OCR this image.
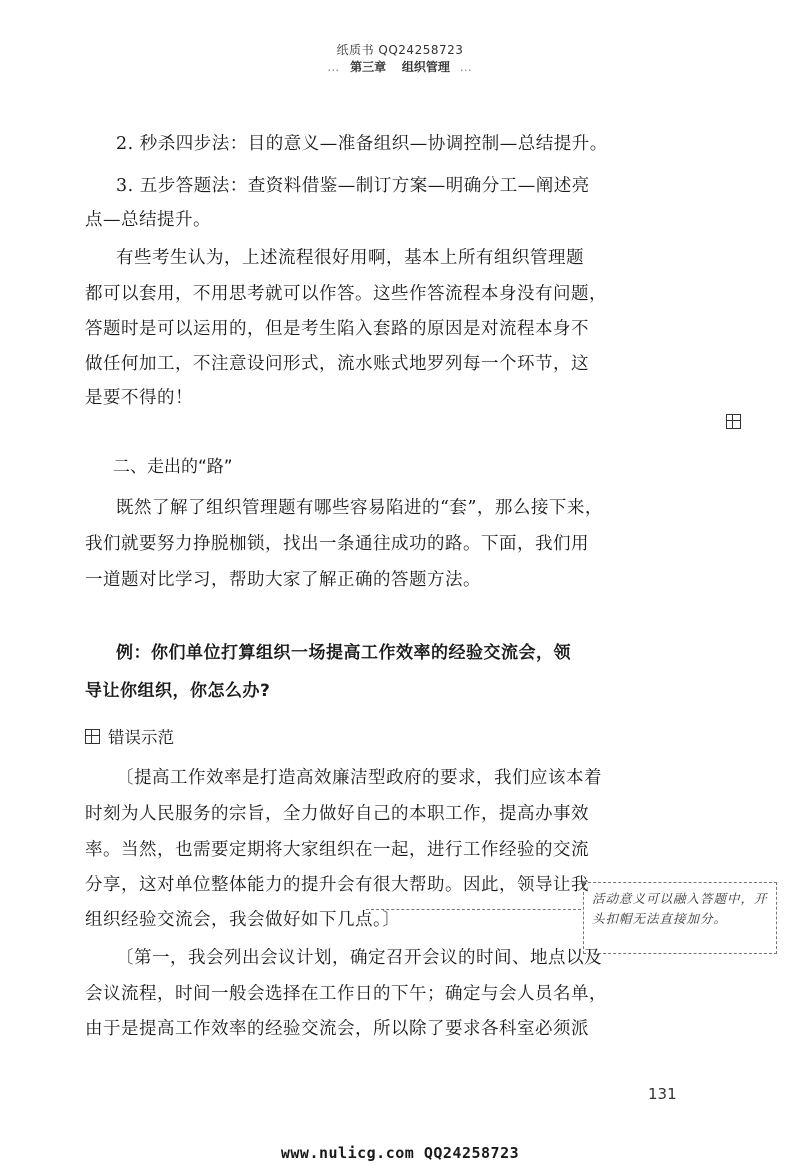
纸质书 QQ24258723
… 第三章 组织管理 …
2. 秒杀四步法：目的意义—准备组织—协调控制—总结提升。
3. 五步答题法：查资料借鉴—制订方案—明确分工—阐述亮
点—总结提升。
有些考生认为，上述流程很好用啊，基本上所有组织管理题
都可以套用，不用思考就可以作答。这些作答流程本身没有问题，
答题时是可以运用的，但是考生陷入套路的原因是对流程本身不
做任何加工，不注意设问形式，流水账式地罗列每一个环节，这
是要不得的！
二、走出的“路”
既然了解了组织管理题有哪些容易陷进的“套”，那么接下来，
我们就要努力挣脱枷锁，找出一条通往成功的路。下面，我们用
一道题对比学习，帮助大家了解正确的答题方法。
例：你们单位打算组织一场提高工作效率的经验交流会，领
导让你组织，你怎么办?
错误示范
〔提高工作效率是打造高效廉洁型政府的要求，我们应该本着
时刻为人民服务的宗旨，全力做好自己的本职工作，提高办事效
率。当然，也需要定期将大家组织在一起，进行工作经验的交流
分享，这对单位整体能力的提升会有很大帮助。因此，领导让我
组织经验交流会，我会做好如下几点。〕
〔第一，我会列出会议计划，确定召开会议的时间、地点以及
会议流程，时间一般会选择在工作日的下午；确定与会人员名单，
由于是提高工作效率的经验交流会，所以除了要求各科室必须派
活动意义可以融入答题中，开头扣帽无法直接加分。
131
www.nulicg.com QQ24258723
